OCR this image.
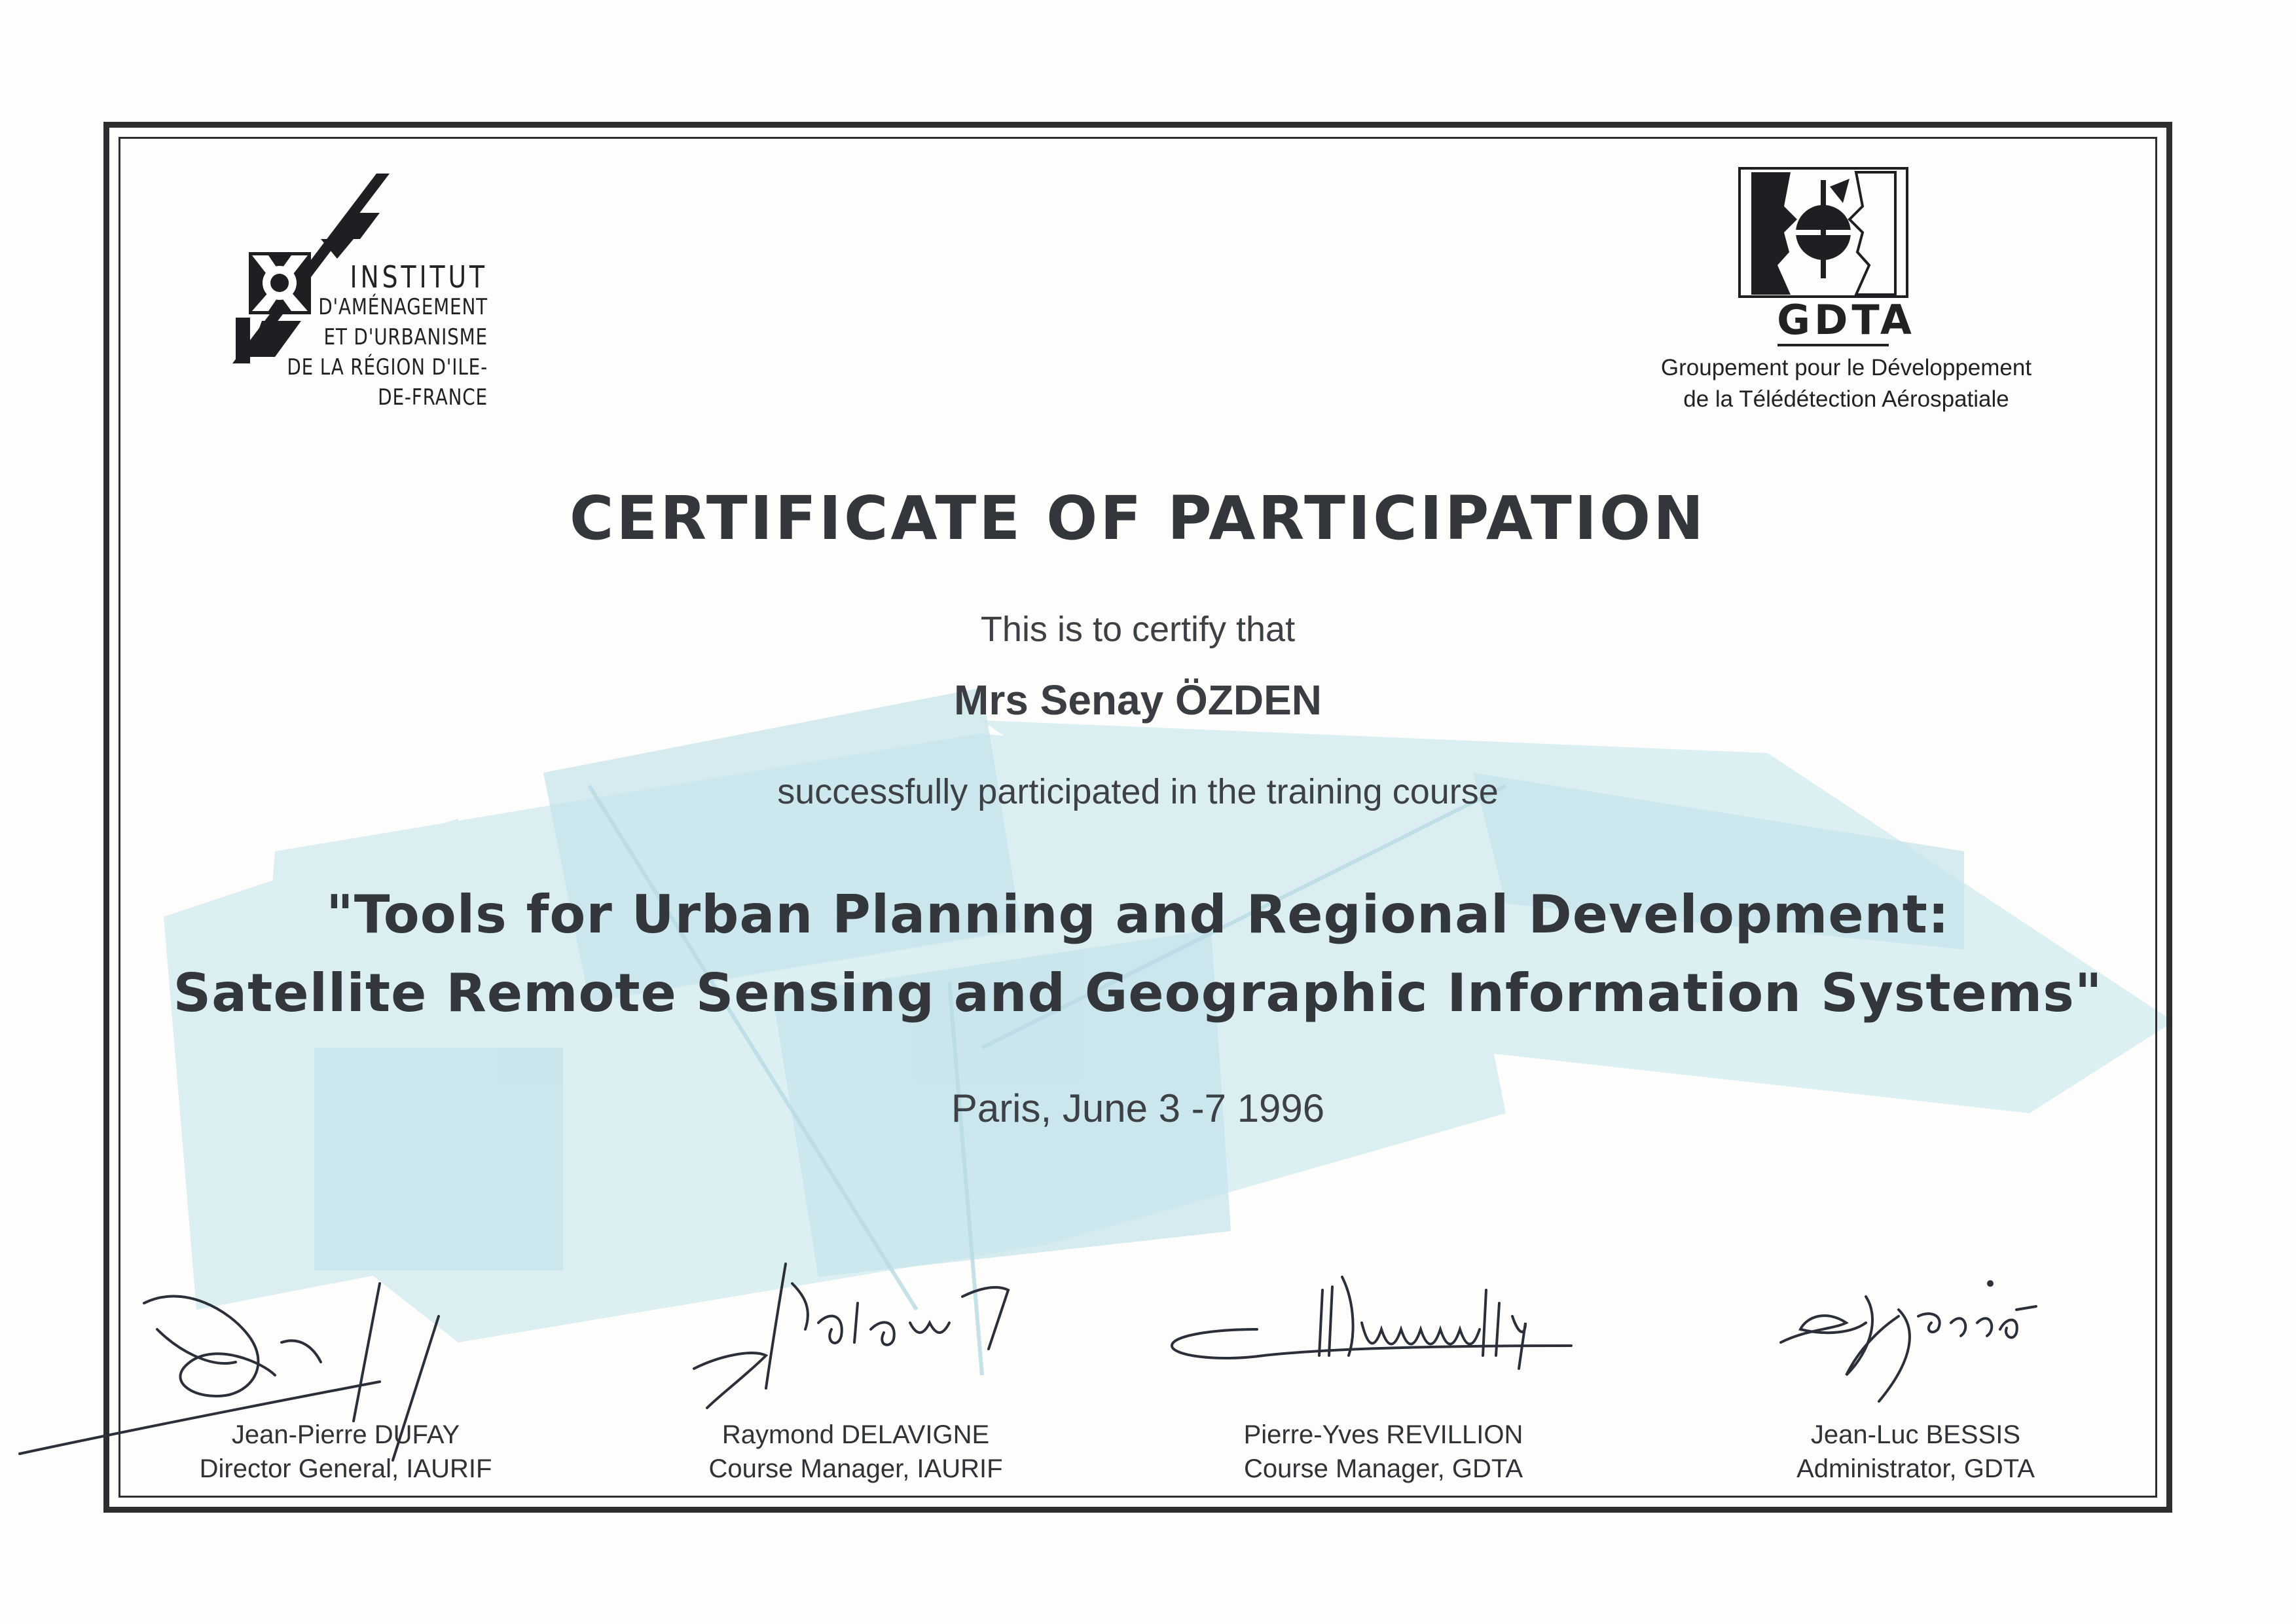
INSTITUT
D'AMÉNAGEMENT
ET D'URBANISME
DE LA RÉGION D'ILE-DE-FRANCE
GDTA
Groupement pour le Développement
de la Télédétection Aérospatiale
CERTIFICATE OF PARTICIPATION
This is to certify that
Mrs Senay ÖZDEN
successfully participated in the training course
"Tools for Urban Planning and Regional Development:
Satellite Remote Sensing and Geographic Information Systems"
Paris, June 3 -7 1996
Jean-Pierre DUFAY
Director General, IAURIF
Raymond DELAVIGNE
Course Manager, IAURIF
Pierre-Yves REVILLION
Course Manager, GDTA
Jean-Luc BESSIS
Administrator, GDTA
